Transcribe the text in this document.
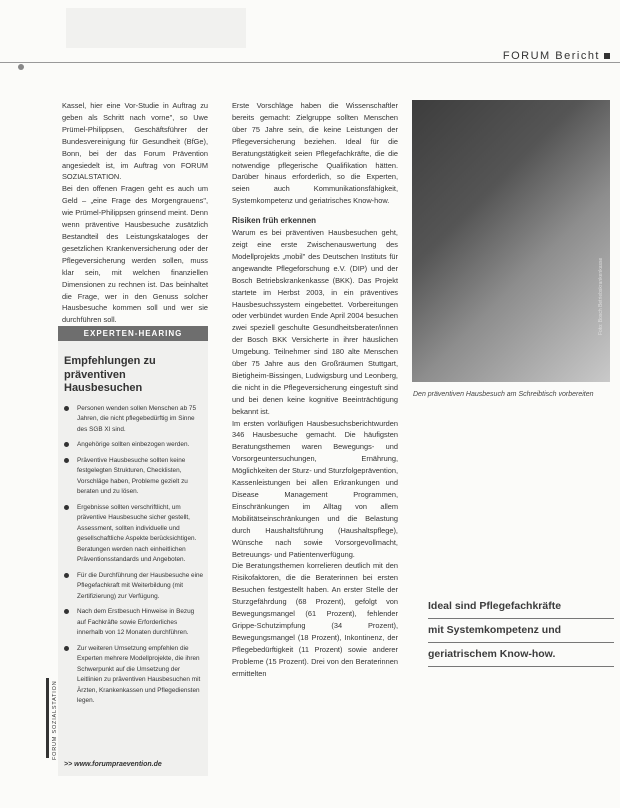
FORUM Bericht

Kassel, hier eine Vor-Studie in Auftrag zu geben als Schritt nach vorne", so Uwe Prümel-Philippsen, Geschäftsführer der Bundesvereinigung für Gesundheit (BfGe), Bonn, bei der das Forum Prävention angesiedelt ist, im Auftrag von FORUM SOZIALSTATION.

Bei den offenen Fragen geht es auch um Geld – „eine Frage des Morgengrauens", wie Prümel-Philippsen grinsend meint. Denn wenn präventive Hausbesuche zusätzlich Bestandteil des Leistungskataloges der gesetzlichen Krankenversicherung oder der Pflegeversicherung werden sollen, muss klar sein, mit welchen finanziellen Dimensionen zu rechnen ist. Das beinhaltet die Frage, wer in den Genuss solcher Hausbesuche kommen soll und wer sie durchführen soll.

EXPERTEN-HEARING
Empfehlungen zu
präventiven Hausbesuchen
Personen wenden sollen Menschen ab 75 Jahren, die nicht pflegebedürftig im Sinne des SGB XI sind.
Angehörige sollten einbezogen werden.
Präventive Hausbesuche sollten keine festgelegten Strukturen, Checklisten, Vorschläge haben, Probleme gezielt zu beraten und zu lösen.
Ergebnisse sollten verschriftlicht, um präventive Hausbesuche sicher gestellt, Assessment, sollten individuelle und gesellschaftliche Aspekte berücksichtigen. Beratungen werden nach einheitlichen Präventionsstandards und Angeboten.
Für die Durchführung der Hausbesuche eine Pflegefachkraft mit Weiterbildung (mit Zertifizierung) zur Verfügung.
Nach dem Erstbesuch Hinweise in Bezug auf Fachkräfte sowie Erforderliches innerhalb von 12 Monaten durchführen.
Zur weiteren Umsetzung empfehlen die Experten mehrere Modellprojekte, die ihren Schwerpunkt auf die Umsetzung der Leitlinien zu präventiven Hausbesuchen mit Ärzten, Krankenkassen und Pflegediensten legen.
>> www.forumpraevention.de
FORUM SOZIALSTATION

Erste Vorschläge haben die Wissenschaftler bereits gemacht: Zielgruppe sollten Menschen über 75 Jahre sein, die keine Leistungen der Pflegeversicherung beziehen. Ideal für die Beratungstätigkeit seien Pflegefachkräfte, die die notwendige pflegerische Qualifikation hätten. Darüber hinaus erforderlich, so die Experten, seien auch Kommunikationsfähigkeit, Systemkompetenz und geriatrisches Know-how.

Risiken früh erkennen

Warum es bei präventiven Hausbesuchen geht, zeigt eine erste Zwischenauswertung des Modellprojekts „mobil" des Deutschen Instituts für angewandte Pflegeforschung e.V. (DIP) und der Bosch Betriebskrankenkasse (BKK). Das Projekt startete im Herbst 2003, in ein präventives Hausbesuchssystem eingebettet. Vorbereitungen oder verbündet wurden Ende April 2004 besuchen zwei speziell geschulte Gesundheitsberater/innen der Bosch BKK Versicherte in ihrer häuslichen Umgebung. Teilnehmer sind 180 alte Menschen über 75 Jahre aus den Großräumen Stuttgart, Bietigheim-Bissingen, Ludwigsburg und Leonberg, die nicht in die Pflegeversicherung eingestuft sind und bei denen keine kognitive Beeinträchtigung bekannt ist.

Im ersten vorläufigen Hausbesuchsberichtwurden 346 Hausbesuche gemacht. Die häufigsten Beratungsthemen waren Bewegungs- und Vorsorgeuntersuchungen, Ernährung, Möglichkeiten der Sturz- und Sturzfolgeprävention, Kassenleistungen bei allen Erkrankungen und Disease Management Programmen, Einschränkungen im Alltag von allem Mobilitätseinschränkungen und die Belastung durch Haushaltsführung (Haushaltspflege), Wünsche nach sowie Vorsorgevollmacht, Betreuungs- und Patientenverfügung.

Die Beratungsthemen korrelieren deutlich mit den Risikofaktoren, die die Beraterinnen bei ersten Besuchen festgestellt haben. An erster Stelle der Sturzgefährdung (68 Prozent), gefolgt von Bewegungsmangel (61 Prozent), fehlender Grippe-Schutzimpfung (34 Prozent), Bewegungsmangel (18 Prozent), Inkontinenz, der Pflegebedürftigkeit (11 Prozent) sowie anderer Probleme (15 Prozent). Drei von den Beraterinnen ermittelten

Foto: Bosch Betriebskrankenkasse
Den präventiven Hausbesuch am Schreibtisch vorbereiten
Ideal sind Pflegefachkräfte
mit Systemkompetenz und
geriatrischem Know-how.
